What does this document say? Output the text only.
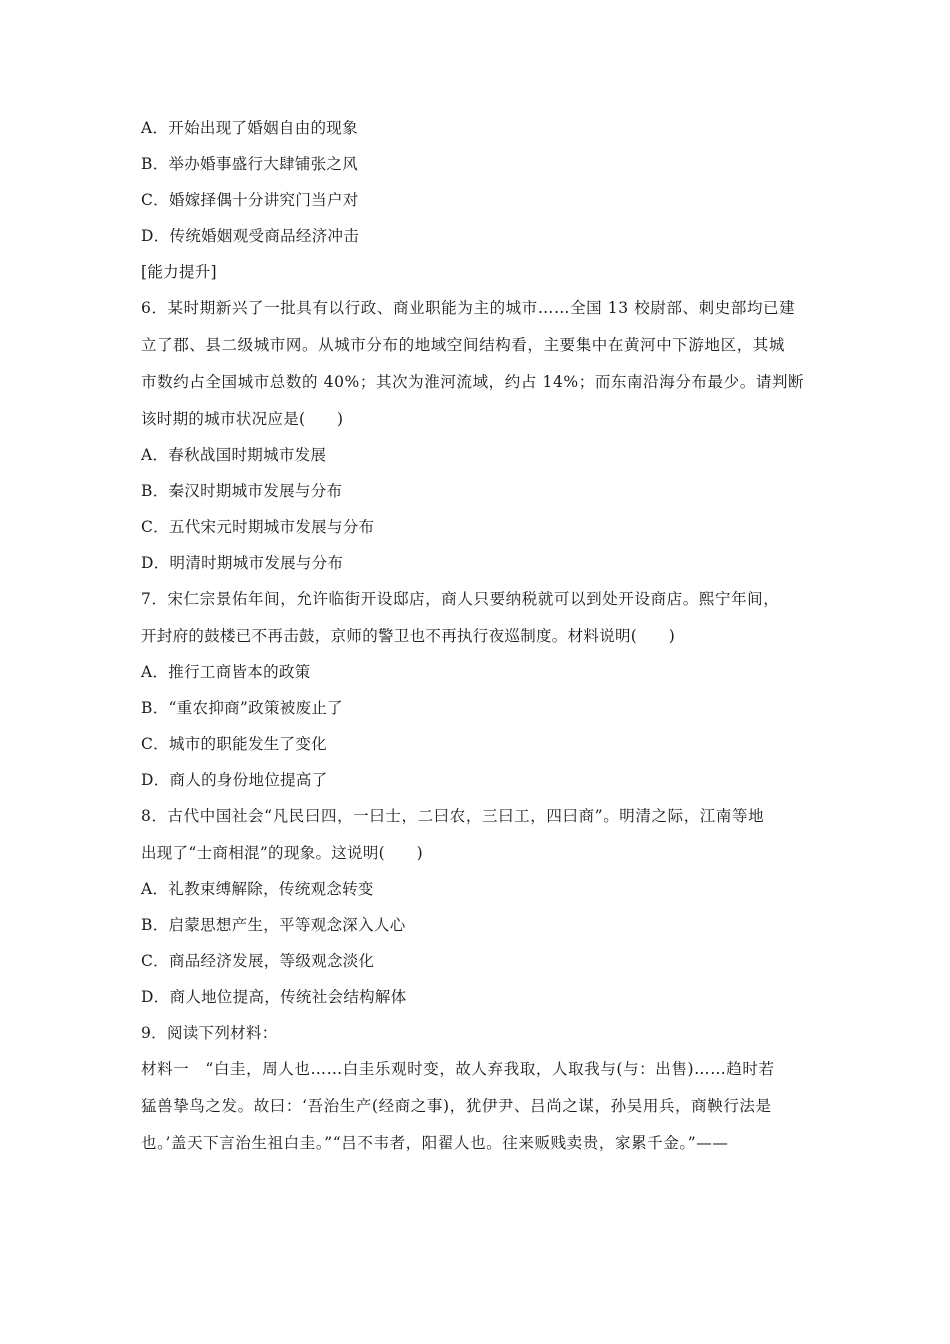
A．开始出现了婚姻自由的现象

B．举办婚事盛行大肆铺张之风

C．婚嫁择偶十分讲究门当户对

D．传统婚姻观受商品经济冲击

[能力提升]

6．某时期新兴了一批具有以行政、商业职能为主的城市……全国 13 校尉部、刺史部均已建

立了郡、县二级城市网。从城市分布的地域空间结构看，主要集中在黄河中下游地区，其城

市数约占全国城市总数的 40%；其次为淮河流域，约占 14%；而东南沿海分布最少。请判断

该时期的城市状况应是(　　)

A．春秋战国时期城市发展

B．秦汉时期城市发展与分布

C．五代宋元时期城市发展与分布

D．明清时期城市发展与分布

7．宋仁宗景佑年间，允许临街开设邸店，商人只要纳税就可以到处开设商店。熙宁年间，

开封府的鼓楼已不再击鼓，京师的警卫也不再执行夜巡制度。材料说明(　　)

A．推行工商皆本的政策

B．“重农抑商”政策被废止了

C．城市的职能发生了变化

D．商人的身份地位提高了

8．古代中国社会“凡民曰四，一曰士，二曰农，三曰工，四曰商”。明清之际，江南等地

出现了“士商相混”的现象。这说明(　　)

A．礼教束缚解除，传统观念转变

B．启蒙思想产生，平等观念深入人心

C．商品经济发展，等级观念淡化

D．商人地位提高，传统社会结构解体

9．阅读下列材料：

材料一　“白圭，周人也……白圭乐观时变，故人弃我取，人取我与(与：出售)……趋时若

猛兽挚鸟之发。故曰：‘吾治生产(经商之事)，犹伊尹、吕尚之谋，孙吴用兵，商鞅行法是

也。’盖天下言治生祖白圭。”“吕不韦者，阳翟人也。往来贩贱卖贵，家累千金。”——
